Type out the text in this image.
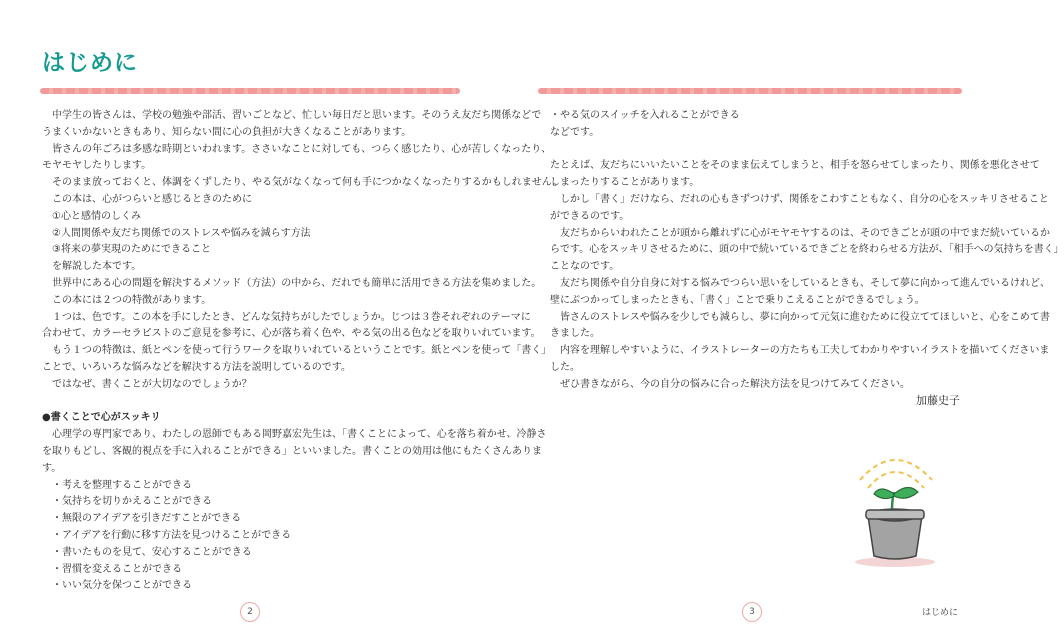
はじめに

中学生の皆さんは、学校の勉強や部活、習いごとなど、忙しい毎日だと思います。そのうえ友だち関係などで

うまくいかないときもあり、知らない間に心の負担が大きくなることがあります。

皆さんの年ごろは多感な時期といわれます。ささいなことに対しても、つらく感じたり、心が苦しくなったり、

モヤモヤしたりします。

そのまま放っておくと、体調をくずしたり、やる気がなくなって何も手につかなくなったりするかもしれません。

この本は、心がつらいと感じるときのために

①心と感情のしくみ

②人間関係や友だち関係でのストレスや悩みを減らす方法

③将来の夢実現のためにできること

を解説した本です。

世界中にある心の問題を解決するメソッド（方法）の中から、だれでも簡単に活用できる方法を集めました。

この本には２つの特徴があります。

１つは、色です。この本を手にしたとき、どんな気持ちがしたでしょうか。じつは３巻それぞれのテーマに

合わせて、カラーセラピストのご意見を参考に、心が落ち着く色や、やる気の出る色などを取りいれています。

もう１つの特徴は、紙とペンを使って行うワークを取りいれているということです。紙とペンを使って「書く」

ことで、いろいろな悩みなどを解決する方法を説明しているのです。

ではなぜ、書くことが大切なのでしょうか？

●書くことで心がスッキリ

心理学の専門家であり、わたしの恩師でもある岡野嘉宏先生は、「書くことによって、心を落ち着かせ、冷静さ

を取りもどし、客観的視点を手に入れることができる」といいました。書くことの効用は他にもたくさんありま

す。

・考えを整理することができる

・気持ちを切りかえることができる

・無限のアイデアを引きだすことができる

・アイデアを行動に移す方法を見つけることができる

・書いたものを見て、安心することができる

・習慣を変えることができる

・いい気分を保つことができる

2

・やる気のスイッチを入れることができる

などです。

たとえば、友だちにいいたいことをそのまま伝えてしまうと、相手を怒らせてしまったり、関係を悪化させて

しまったりすることがあります。

しかし「書く」だけなら、だれの心もきずつけず、関係をこわすこともなく、自分の心をスッキリさせること

ができるのです。

友だちからいわれたことが頭から離れずに心がモヤモヤするのは、そのできごとが頭の中でまだ続いているか

らです。心をスッキリさせるために、頭の中で続いているできごとを終わらせる方法が、「相手への気持ちを書く」

ことなのです。

友だち関係や自分自身に対する悩みでつらい思いをしているときも、そして夢に向かって進んでいるけれど、

壁にぶつかってしまったときも、「書く」ことで乗りこえることができるでしょう。

皆さんのストレスや悩みを少しでも減らし、夢に向かって元気に進むために役立ててほしいと、心をこめて書

きました。

内容を理解しやすいように、イラストレーターの方たちも工夫してわかりやすいイラストを描いてくださいま

した。

ぜひ書きながら、今の自分の悩みに合った解決方法を見つけてみてください。

加藤史子
3	はじめに
